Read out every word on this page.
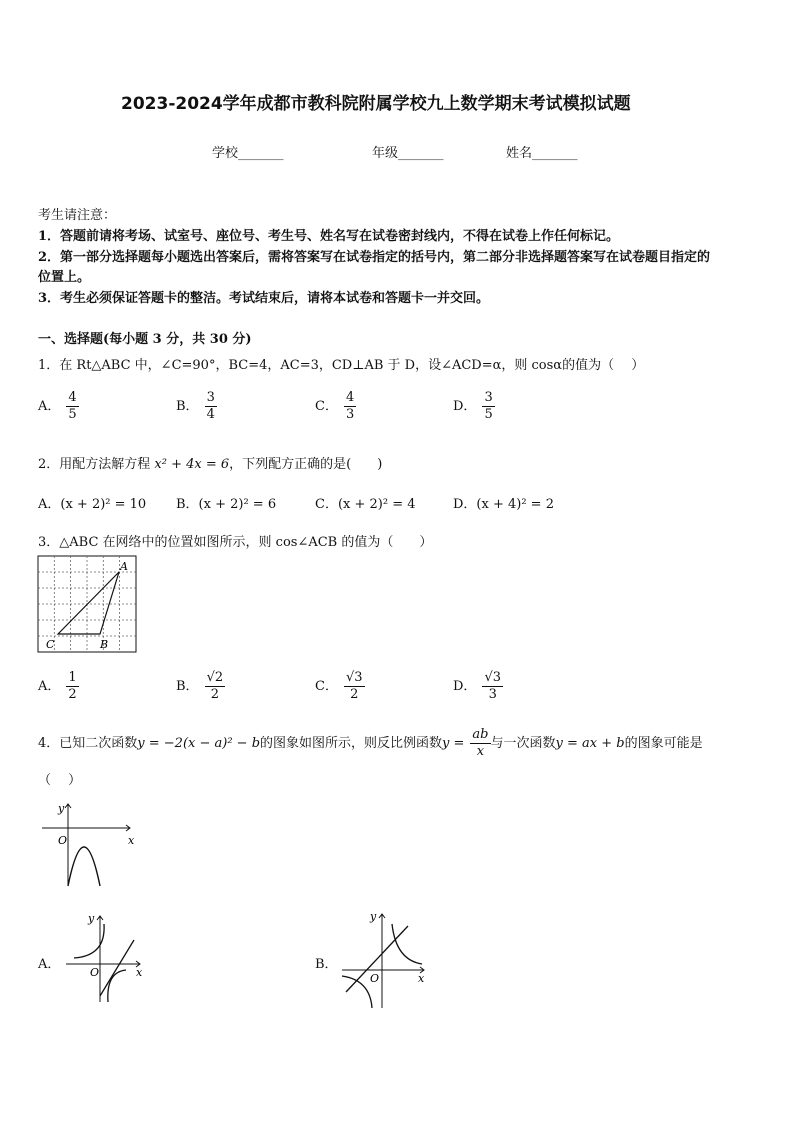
2023-2024学年成都市教科院附属学校九上数学期末考试模拟试题
学校_______	年级_______	姓名_______
考生请注意：
1．答题前请将考场、试室号、座位号、考生号、姓名写在试卷密封线内，不得在试卷上作任何标记。
2．第一部分选择题每小题选出答案后，需将答案写在试卷指定的括号内，第二部分非选择题答案写在试卷题目指定的
位置上。
3．考生必须保证答题卡的整洁。考试结束后，请将本试卷和答题卡一并交回。
一、选择题(每小题 3 分，共 30 分)
1．在 Rt△ABC 中，∠C=90°，BC=4，AC=3，CD⊥AB 于 D，设∠ACD=α，则 cosα的值为（　 ）
A． $\frac{4}{5}$	B． $\frac{3}{4}$	C． $\frac{4}{3}$	D． $\frac{3}{5}$
2．用配方法解方程 x² + 4x = 6，下列配方正确的是(　　)
A．(x + 2)² = 10 B．(x + 2)² = 6	C．(x + 2)² = 4	D．(x + 4)² = 2
3．△ABC 在网络中的位置如图所示，则 cos∠ACB 的值为（　　）
A
B
C
A． $\frac{1}{2}$	B． $\frac{√2}{2}$	C． $\frac{√3}{2}$	D． $\frac{√3}{3}$
4．已知二次函数y = −2(x − a)² − b的图象如图所示，则反比例函数$y = \frac{ab}{x}$ 与一次函数y = ax + b的图象可能是
（　 ）
y
x
O
A．
y
x
O
B．
y
x
O
